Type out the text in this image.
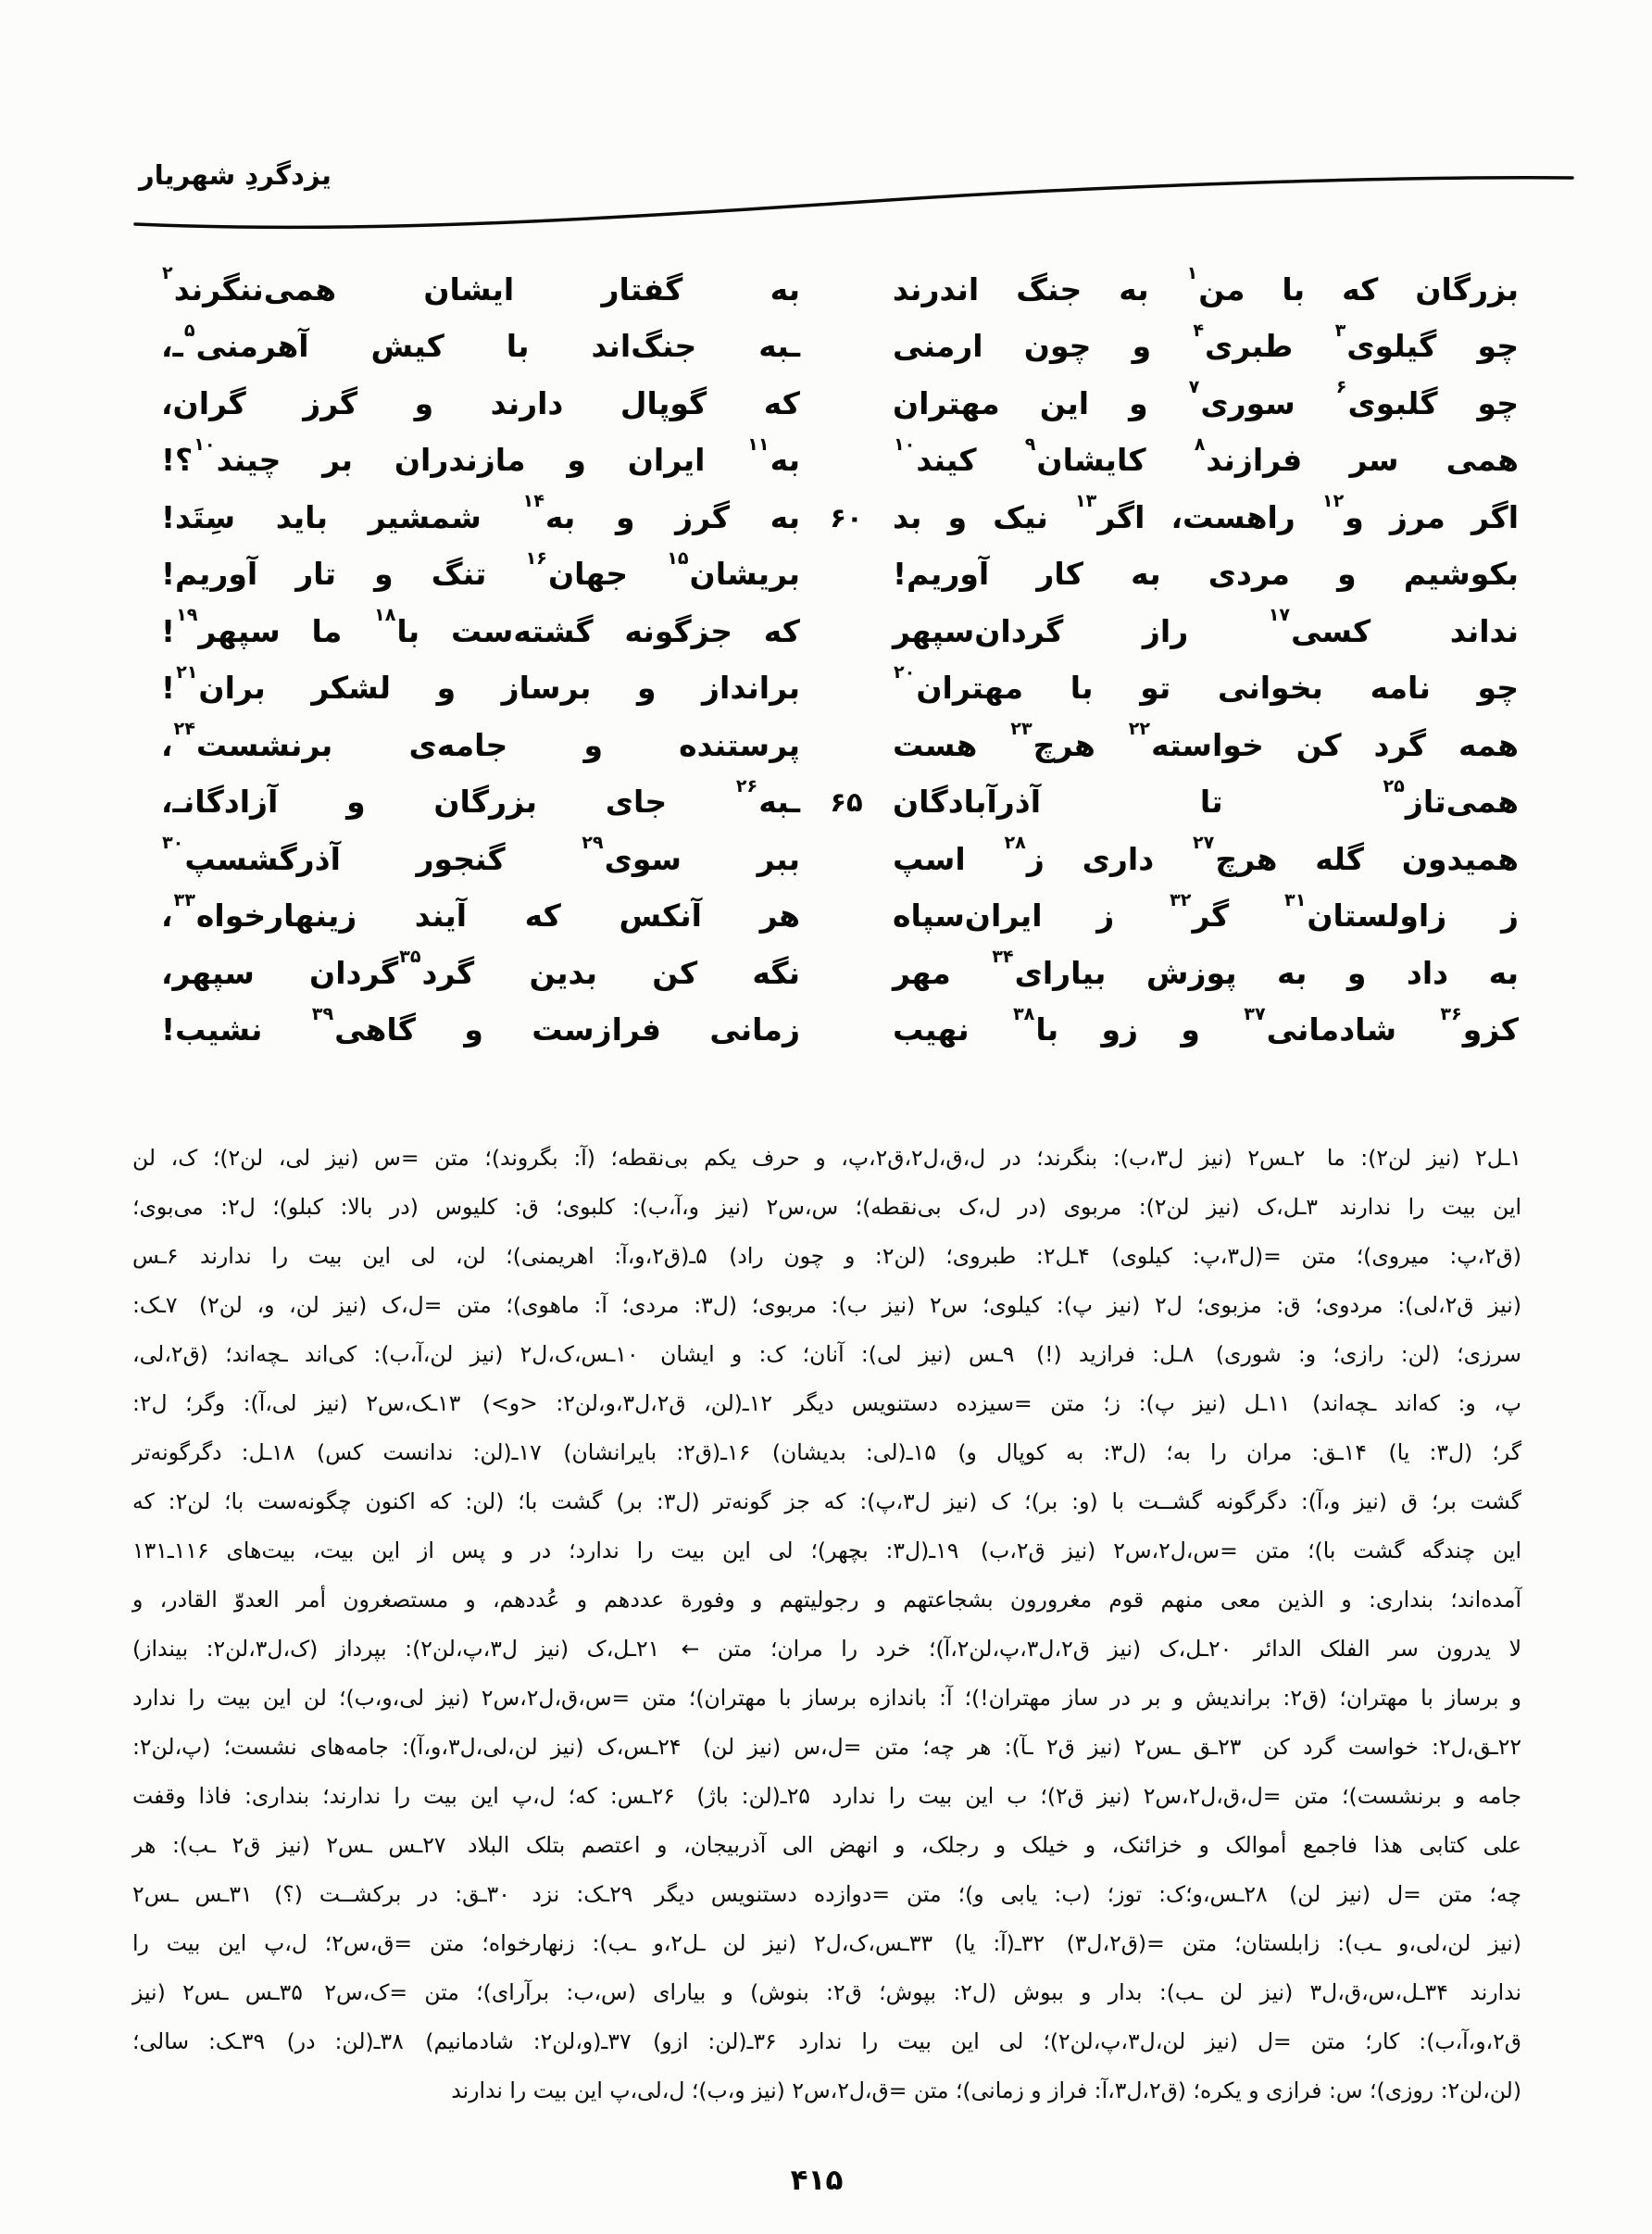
یزدگردِ شهریار
بزرگان که با من$^۱$ به جنگ اندرند
به گفتار ایشان همی‌ننگرند$^۲$
چو گیلوی$^۳$ طبری$^۴$ و چون ارمنی
ـبه جنگ‌اند با کیش آهرمنی$^۵$ـ،
چو گلبوی$^۶$ سوری$^۷$ و این مهتران
که گوپال دارند و گرز گران،
همی سر فرازند$^۸$ کایشان$^۹$ کیند$^{۱۰}$
به$^{۱۱}$ ایران و مازندران بر چیند$^{۱۰}$؟!
اگر مرز و$^{۱۲}$ راهست، اگر$^{۱۳}$ نیک و بد
۶۰
به گرز و به$^{۱۴}$ شمشیر باید سِتَد!
بکوشیم و مردی به کار آوریم!
بریشان$^{۱۵}$ جهان$^{۱۶}$ تنگ و تار آوریم!
نداند کسی$^{۱۷}$ راز گردان‌سپهر
که جزگونه گشته‌ست با$^{۱۸}$ ما سپهر$^{۱۹}$!
چو نامه بخوانی تو با مهتران$^{۲۰}$
برانداز و برساز و لشکر بران$^{۲۱}$!
همه گرد کن خواسته$^{۲۲}$ هرچ$^{۲۳}$ هست
پرستنده و جامه‌ی برنشست$^{۲۴}$،
همی‌تاز$^{۲۵}$ تا آذرآبادگان
۶۵
ـبه$^{۲۶}$ جای بزرگان و آزادگانـ،
همیدون گله هرچ$^{۲۷}$ داری ز$^{۲۸}$ اسپ
ببر سوی$^{۲۹}$ گنجور آذرگشسپ$^{۳۰}$
ز زاولستان$^{۳۱}$ گر$^{۳۲}$ ز ایران‌سپاه
هر آنکس که آیند زینهارخواه$^{۳۳}$،
به داد و به پوزش بیارای$^{۳۴}$ مهر
نگه کن بدین گرد$^{۳۵}$گردان سپهر،
کزو$^{۳۶}$ شادمانی$^{۳۷}$ و زو با$^{۳۸}$ نهیب
زمانی فرازست و گاهی$^{۳۹}$ نشیب!
۱ـل۲ (نیز لن۲): ما ۲ـس۲ (نیز ل۳،ب): بنگرند؛ در ل،ق،ل۲،ق۲،پ، و حرف یکم بی‌نقطه؛ (آ: بگروند)؛ متن =س (نیز لی، لن۲)؛ ک، لن
این بیت را ندارند ۳ـل،ک (نیز لن۲): مربوی (در ل،ک بی‌نقطه)؛ س،س۲ (نیز و،آ،ب): کلبوی؛ ق: کلیوس (در بالا: کبلو)؛ ل۲: می‌بوی؛
(ق۲،پ: میروی)؛ متن =(ل۳،پ: کیلوی) ۴ـل۲: طبروی؛ (لن۲: و چون راد) ۵ـ(ق۲،و،آ: اهریمنی)؛ لن، لی این بیت را ندارند ۶ـس
(نیز ق۲،لی): مردوی؛ ق: مزبوی؛ ل۲ (نیز پ): کیلوی؛ س۲ (نیز ب): مربوی؛ (ل۳: مردی؛ آ: ماهوی)؛ متن =ل،ک (نیز لن، و، لن۲) ۷ـک:
سرزی؛ (لن: رازی؛ و: شوری) ۸ـل: فرازید (!) ۹ـس (نیز لی): آنان؛ ک: و ایشان ۱۰ـس،ک،ل۲ (نیز لن،آ،ب): کی‌اند ـچه‌اند؛ (ق۲،لی،
پ، و: که‌اند ـچه‌اند) ۱۱ـل (نیز پ): ز؛ متن =سیزده دستنویس دیگر ۱۲ـ(لن، ق۲،ل۳،و،لن۲: <و>) ۱۳ـک،س۲ (نیز لی،آ): وگر؛ ل۲:
گر؛ (ل۳: یا) ۱۴ـق: مران را به؛ (ل۳: به کوپال و) ۱۵ـ(لی: بدیشان) ۱۶ـ(ق۲: بایرانشان) ۱۷ـ(لن: ندانست کس) ۱۸ـل: دگرگونه‌تر
گشت بر؛ ق (نیز و،آ): دگرگونه گشــت با (و: بر)؛ ک (نیز ل۳،پ): که جز گونه‌تر (ل۳: بر) گشت با؛ (لن: که اکنون چگونه‌ست با؛ لن۲: که
این چندگه گشت با)؛ متن =س،ل۲،س۲ (نیز ق۲،ب) ۱۹ـ(ل۳: بچهر)؛ لی این بیت را ندارد؛ در و پس از این بیت، بیت‌های ۱۱۶ـ۱۳۱
آمده‌اند؛ بنداری: و الذین معی منهم قوم مغرورون بشجاعتهم و رجولیتهم و وفورة عددهم و عُددهم، و مستصغرون أمر العدوّ القادر، و
لا یدرون سر الفلک الدائر ۲۰ـل،ک (نیز ق۲،ل۳،پ،لن۲،آ)؛ خرد را مران؛ متن ← ۲۱ـل،ک (نیز ل۳،پ،لن۲): بپرداز (ک،ل۳،لن۲: بینداز)
و برساز با مهتران؛ (ق۲: براندیش و بر در ساز مهتران!)؛ آ: باندازه برساز با مهتران)؛ متن =س،ق،ل۲،س۲ (نیز لی،و،ب)؛ لن این بیت را ندارد
۲۲ـق،ل۲: خواست گرد کن ۲۳ـق ـس۲ (نیز ق۲ ـآ): هر چه؛ متن =ل،س (نیز لن) ۲۴ـس،ک (نیز لن،لی،ل۳،و،آ): جامه‌های نشست؛ (پ،لن۲:
جامه و برنشست)؛ متن =ل،ق،ل۲،س۲ (نیز ق۲)؛ ب این بیت را ندارد ۲۵ـ(لن: باژ) ۲۶ـس: که؛ ل،پ این بیت را ندارند؛ بنداری: فاذا وقفت
علی کتابی هذا فاجمع أموالک و خزائنک، و خیلک و رجلک، و انهض الی آذربیجان، و اعتصم بتلک البلاد ۲۷ـس ـس۲ (نیز ق۲ ـب): هر
چه؛ متن =ل (نیز لن) ۲۸ـس،و؛ک: توز؛ (ب: یابی و)؛ متن =دوازده دستنویس دیگر ۲۹ـک: نزد ۳۰ـق: در برکشــت (؟) ۳۱ـس ـس۲
(نیز لن،لی،و ـب): زابلستان؛ متن =(ق۲،ل۳) ۳۲ـ(آ: یا) ۳۳ـس،ک،ل۲ (نیز لن ـل۲،و ـب): زنهارخواه؛ متن =ق،س۲؛ ل،پ این بیت را
ندارند ۳۴ـل،س،ق،ل۳ (نیز لن ـب): بدار و ببوش (ل۲: بپوش؛ ق۲: بنوش) و بیارای (س،ب: برآرای)؛ متن =ک،س۲ ۳۵ـس ـس۲ (نیز
ق۲،و،آ،ب): کار؛ متن =ل (نیز لن،ل۳،پ،لن۲)؛ لی این بیت را ندارد ۳۶ـ(لن: ازو) ۳۷ـ(و،لن۲: شادمانیم) ۳۸ـ(لن: در) ۳۹ـک: سالی؛
(لن،لن۲: روزی)؛ س: فرازی و یکره؛ (ق۲،ل۳،آ: فراز و زمانی)؛ متن =ق،ل۲،س۲ (نیز و،ب)؛ ل،لی،پ این بیت را ندارند
۴۱۵
